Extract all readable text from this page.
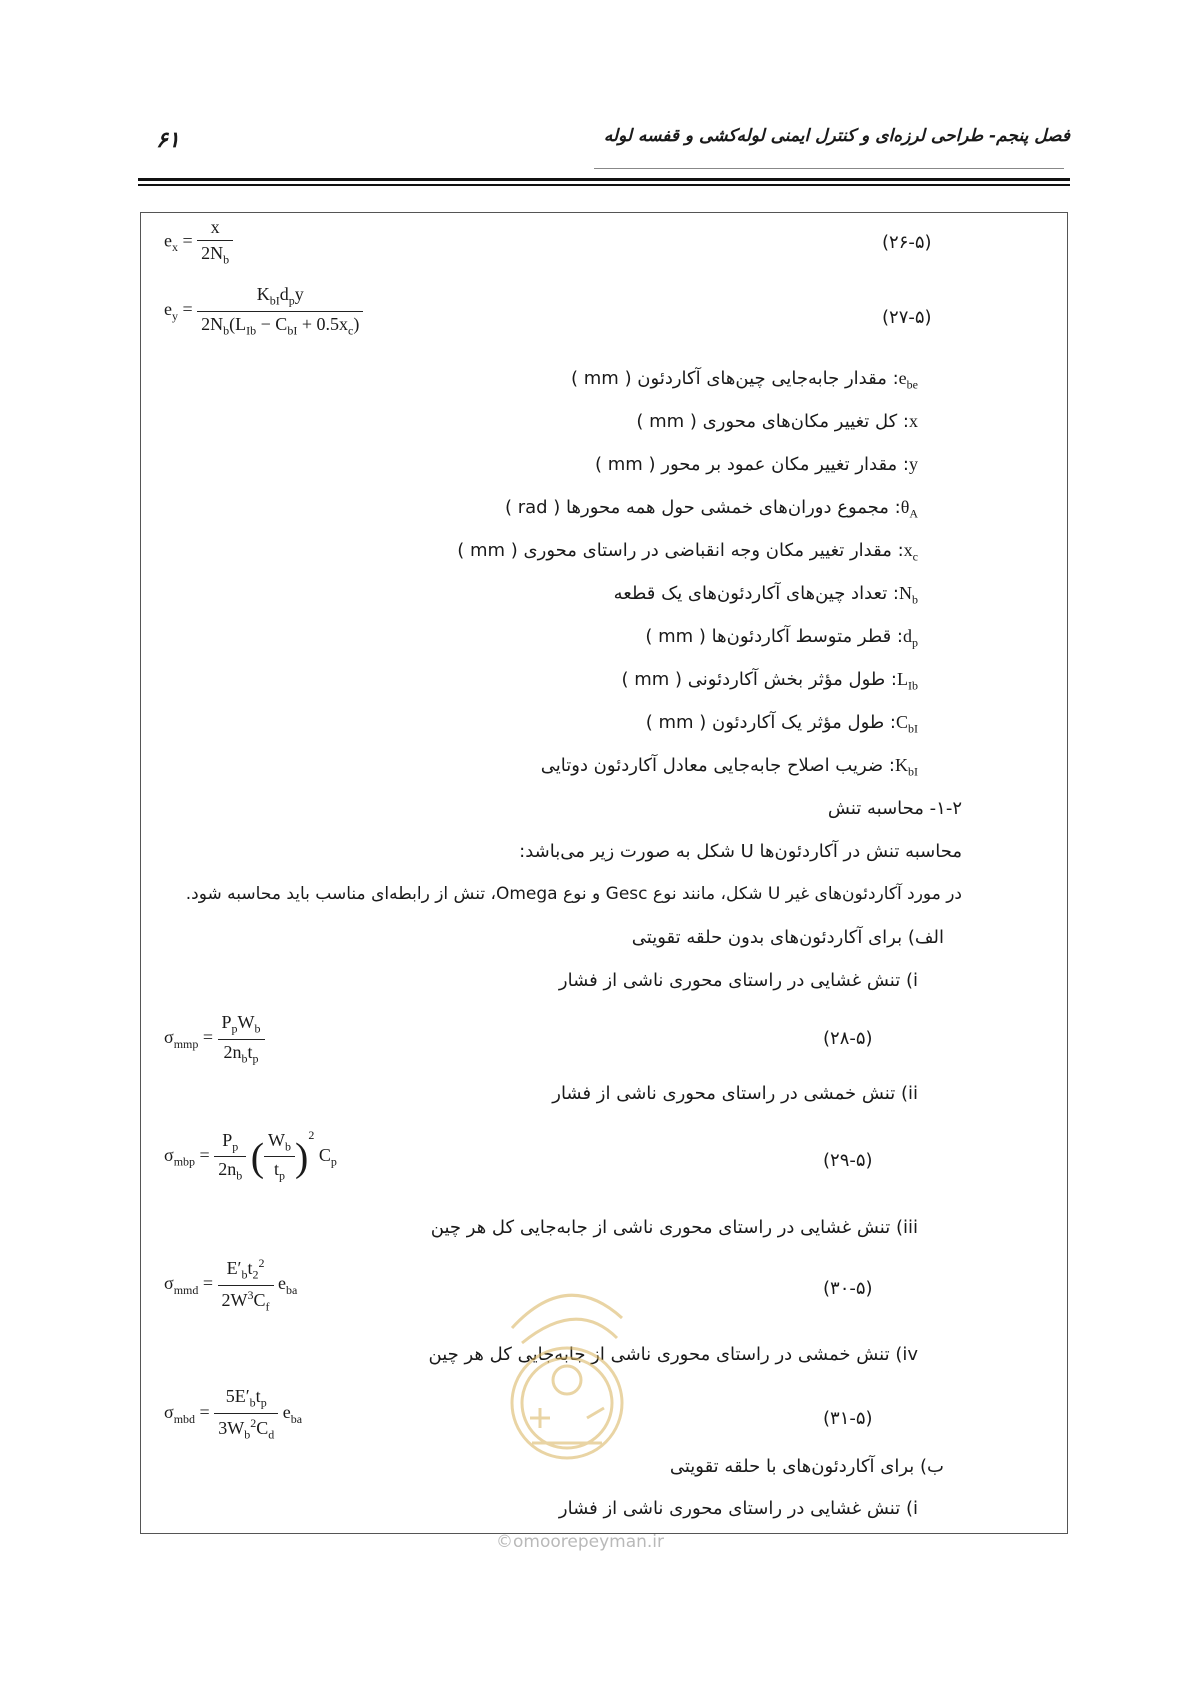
فصل پنجم- طراحی لرزه‌ای و کنترل ایمنی لوله‌کشی و قفسه لوله
۶۱
$e_x = \frac{x}{2N_b}$	(۲۶-۵)
$e_y = \frac{K_{bI}d_py}{2N_b(L_{Ib} - C_{bI} + 0.5x_c)}$	(۲۷-۵)
$e_{be}$: مقدار جابه‌جایی چین‌های آکاردئون ( mm )
x: کل تغییر مکان‌های محوری ( mm )
y: مقدار تغییر مکان عمود بر محور ( mm )
$\theta_A$: مجموع دوران‌های خمشی حول همه محورها ( rad )
$x_c$: مقدار تغییر مکان وجه انقباضی در راستای محوری ( mm )
$N_b$: تعداد چین‌های آکاردئون‌های یک قطعه
$d_p$: قطر متوسط آکاردئون‌ها ( mm )
$L_{Ib}$: طول مؤثر بخش آکاردئونی ( mm )
$C_{bI}$: طول مؤثر یک آکاردئون ( mm )
$K_{bI}$: ضریب اصلاح جابه‌جایی معادل آکاردئون دوتایی
۱-۲- محاسبه تنش
محاسبه تنش در آکاردئون‌ها U شکل به صورت زیر می‌باشد:
در مورد آکاردئون‌های غیر U شکل، مانند نوع Gesc و نوع Omega، تنش از رابطه‌ای مناسب باید محاسبه شود.
الف) برای آکاردئون‌های بدون حلقه تقویتی
i) تنش غشایی در راستای محوری ناشی از فشار
$\sigma_{mmp} = \frac{P_pW_b}{2n_bt_p}$	(۲۸-۵)
ii) تنش خمشی در راستای محوری ناشی از فشار
$\sigma_{mbp} = \frac{P_p}{2n_b}$ ( $\frac{W_b}{t_p} )^2$ $C_p$	(۲۹-۵)
iii) تنش غشایی در راستای محوری ناشی از جابه‌جایی کل هر چین
$\sigma_{mmd} = \frac{E'_bt_2^2}{2W^3C_f} e_{ba}$	(۳۰-۵)
iv) تنش خمشی در راستای محوری ناشی از جابه‌جایی کل هر چین
$\sigma_{mbd} = \frac{5E'_bt_p}{3W_b^2C_d} e_{ba}$	(۳۱-۵)
ب) برای آکاردئون‌های با حلقه تقویتی
i) تنش غشایی در راستای محوری ناشی از فشار
©omoorepeyman.ir
